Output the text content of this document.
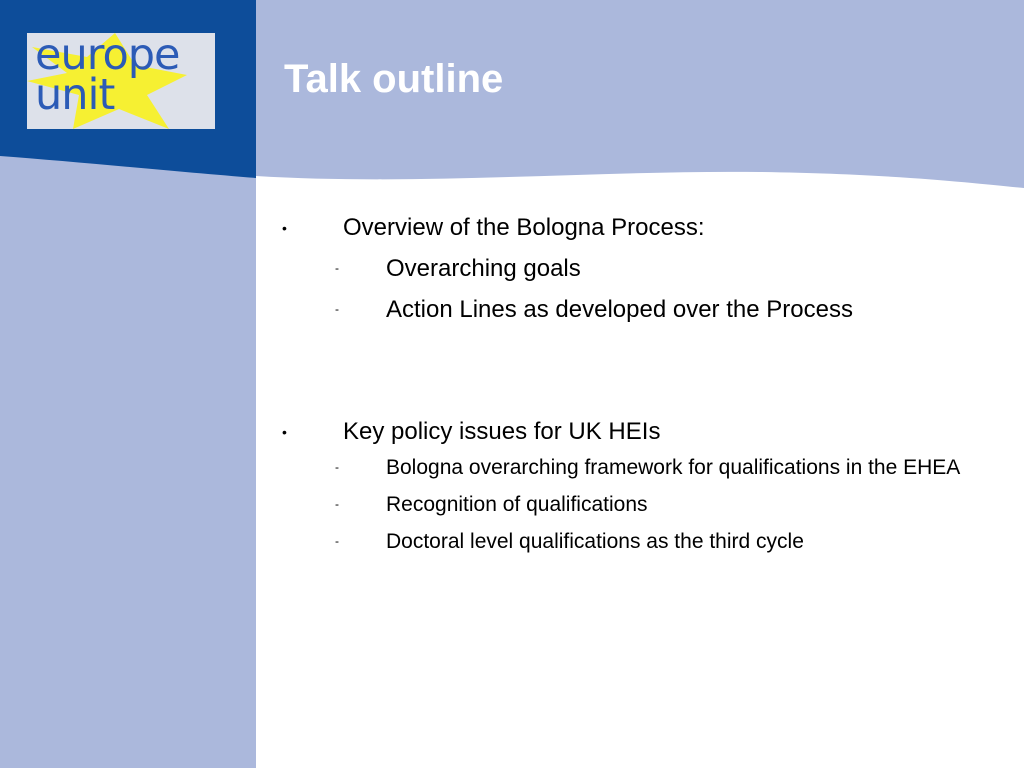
europe
unit	Talk outline
• Overview of the Bologna Process:
- Overarching goals
- Action Lines as developed over the Process
• Key policy issues for UK HEIs
- Bologna overarching framework for qualifications in the EHEA
- Recognition of qualifications
- Doctoral level qualifications as the third cycle
